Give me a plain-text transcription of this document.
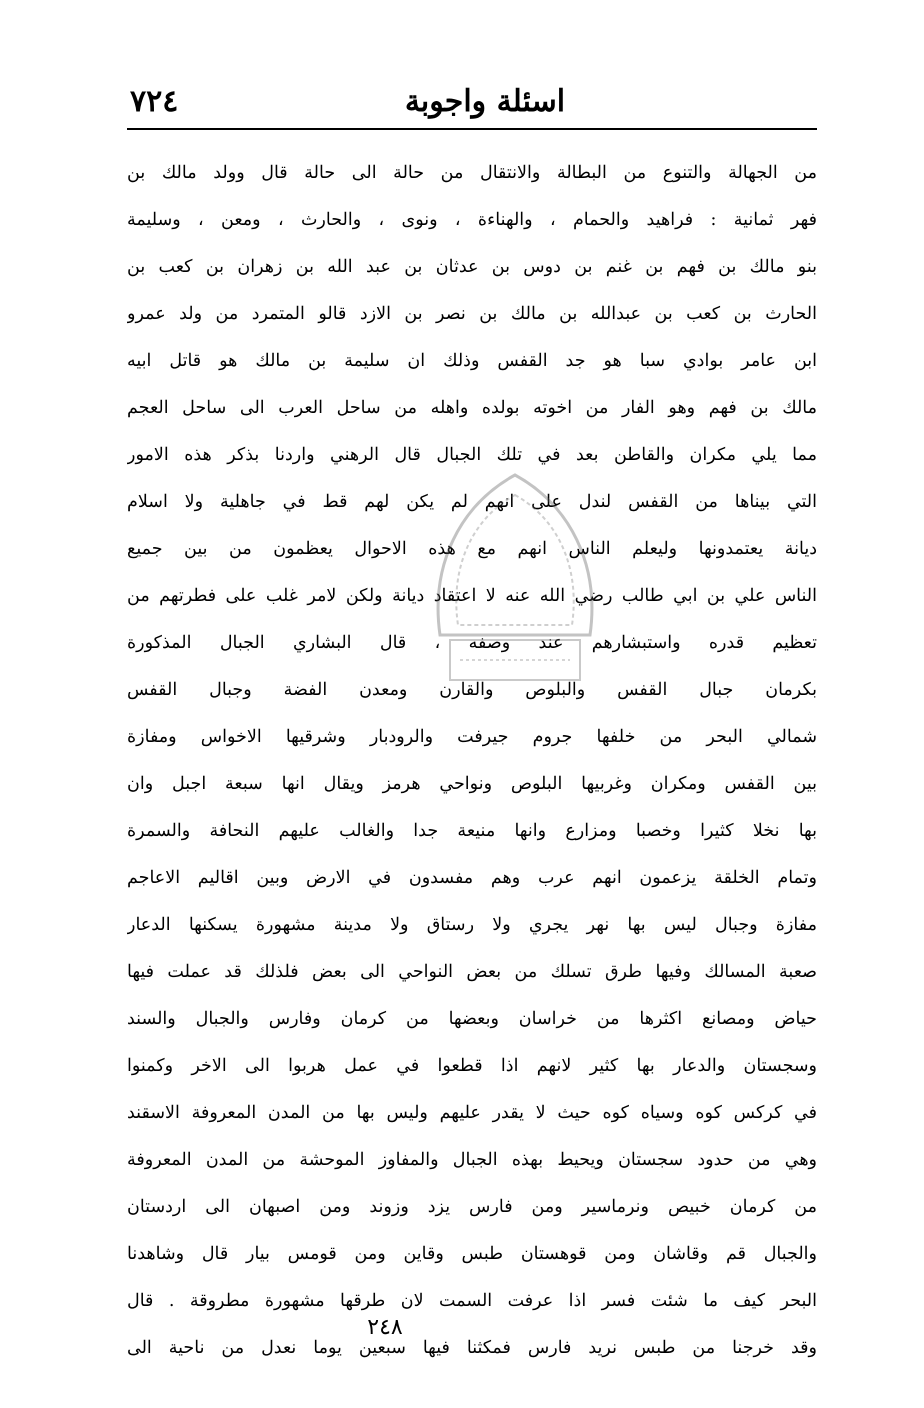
٧٢٤	اسئلة واجوبة
من الجهالة والتنوع من البطالة والانتقال من حالة الى حالة قال وولد مالك بن
فهر ثمانية : فراهيد والحمام ، والهناءة ، ونوى ، والحارث ، ومعن ، وسليمة
بنو مالك بن فهم بن غنم بن دوس بن عدثان بن عبد الله بن زهران بن كعب بن
الحارث بن كعب بن عبدالله بن مالك بن نصر بن الازد قالو المتمرد من ولد عمرو
ابن عامر بوادي سبا هو جد القفس وذلك ان سليمة بن مالك هو قاتل ابيه
مالك بن فهم وهو الفار من اخوته بولده واهله من ساحل العرب الى ساحل العجم
مما يلي مكران والقاطن بعد في تلك الجبال قال الرهني واردنا بذكر هذه الامور
التي بيناها من القفس لندل على انهم لم يكن لهم قط في جاهلية ولا اسلام
ديانة يعتمدونها وليعلم الناس انهم مع هذه الاحوال يعظمون من بين جميع
الناس علي بن ابي طالب رضي الله عنه لا اعتقاد ديانة ولكن لامر غلب على فطرتهم من
تعظيم قدره واستبشارهم عند وصفه ، قال البشاري الجبال المذكورة
بكرمان جبال القفس والبلوص والقارن ومعدن الفضة وجبال القفس
شمالي البحر من خلفها جروم جيرفت والرودبار وشرقيها الاخواس ومفازة
بين القفس ومكران وغربيها البلوص ونواحي هرمز ويقال انها سبعة اجبل وان
بها نخلا كثيرا وخصبا ومزارع وانها منيعة جدا والغالب عليهم النحافة والسمرة
وتمام الخلقة يزعمون انهم عرب وهم مفسدون في الارض وبين اقاليم الاعاجم
مفازة وجبال ليس بها نهر يجري ولا رستاق ولا مدينة مشهورة يسكنها الدعار
صعبة المسالك وفيها طرق تسلك من بعض النواحي الى بعض فلذلك قد عملت فيها
حياض ومصانع اكثرها من خراسان وبعضها من كرمان وفارس والجبال والسند
وسجستان والدعار بها كثير لانهم اذا قطعوا في عمل هربوا الى الاخر وكمنوا
في كركس كوه وسياه كوه حيث لا يقدر عليهم وليس بها من المدن المعروفة الاسقند
وهي من حدود سجستان ويحيط بهذه الجبال والمفاوز الموحشة من المدن المعروفة
من كرمان خبيص ونرماسير ومن فارس يزد وزوند ومن اصبهان الى اردستان
والجبال قم وقاشان ومن قوهستان طبس وقاين ومن قومس بيار قال وشاهدنا
البحر كيف ما شئت فسر اذا عرفت السمت لان طرقها مشهورة مطروقة . قال
وقد خرجنا من طبس نريد فارس فمكثنا فيها سبعين يوما نعدل من ناحية الى
٢٤٨
